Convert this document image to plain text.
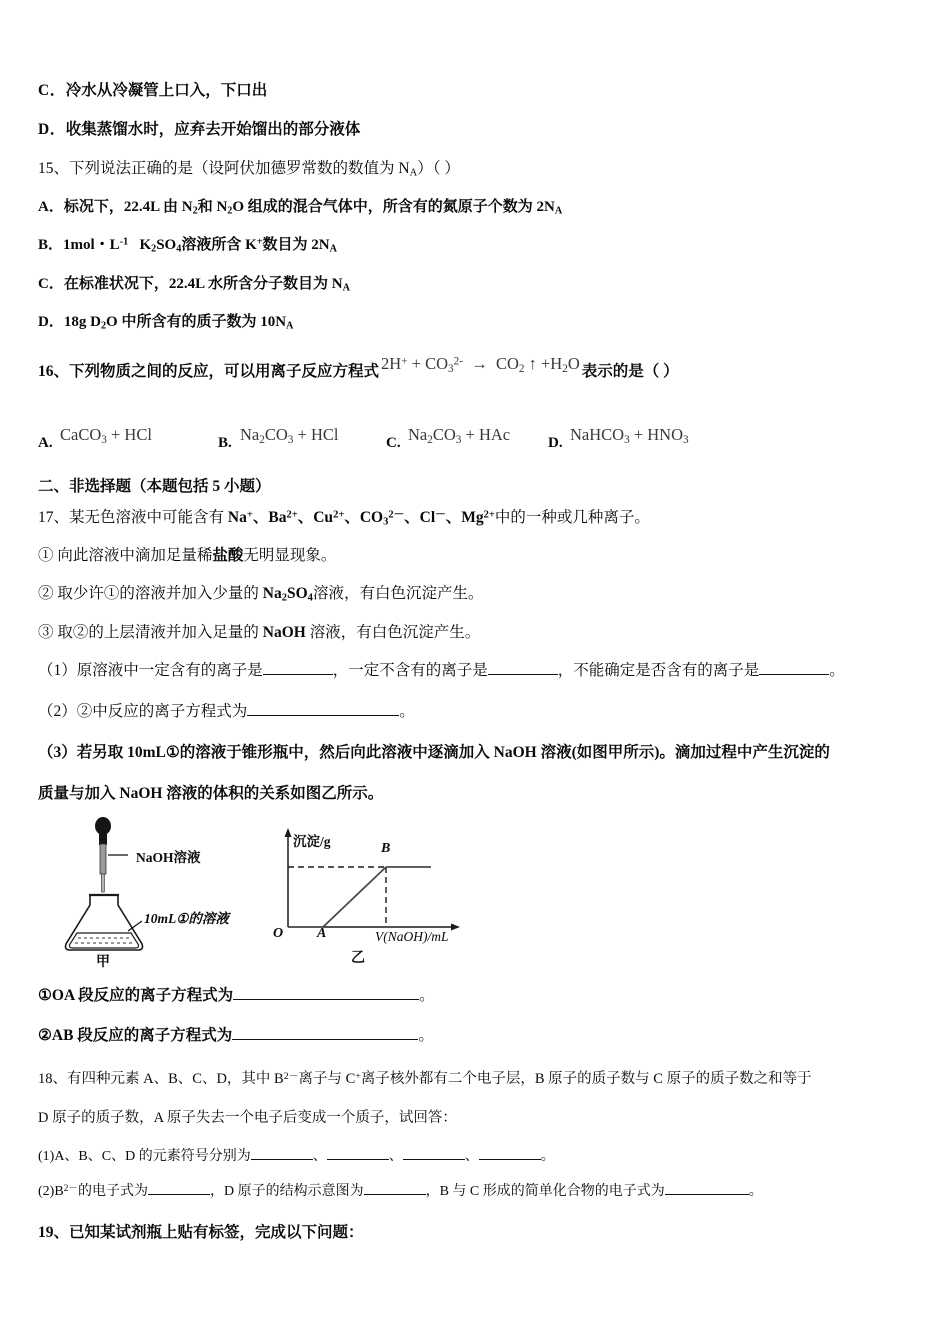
C．冷水从冷凝管上口入，下口出
D．收集蒸馏水时，应弃去开始馏出的部分液体
15、下列说法正确的是（设阿伏加德罗常数的数值为 $N_A$）（ ）
A．标况下，22.4L 由 $N_2$和 $N_2O$ 组成的混合气体中，所含有的氮原子个数为 $2N_A$
B．1mol・$L^{-1}$   $K_2SO_4$溶液所含 K+数目为 $2N_A$
C．在标准状况下，22.4L 水所含分子数目为 $N_A$
D．18g $D_2O$ 中所含有的质子数为 $10N_A$
16、下列物质之间的反应，可以用离子反应方程式 $2H^+ + CO_3^{2-} \to CO_2$ ↑ $+H_2O$ 表示的是（ ）
A. CaCO$_3$ + HCl	B. $Na_2CO_3$ + HCl	C. $Na_2CO_3$ + HAc	D. NaHCO$_3$ + $HNO_3$
二、非选择题（本题包括 5 小题）
17、某无色溶液中可能含有 Na+、$Ba^{2+}$、$Cu^{2+}$、$CO_3^{2-}$、Cl－、$Mg^{2+}$中的一种或几种离子。
① 向此溶液中滴加足量稀盐酸无明显现象。
② 取少许①的溶液并加入少量的 $Na_2SO_4$溶液，有白色沉淀产生。
③ 取②的上层清液并加入足量的 NaOH 溶液，有白色沉淀产生。
（1）原溶液中一定含有的离子是	，一定不含有的离子是	，不能确定是否含有的离子是	。
（2）②中反应的离子方程式为	。
（3）若另取 10mL①的溶液于锥形瓶中，然后向此溶液中逐滴加入 NaOH 溶液(如图甲所示)。滴加过程中产生沉淀的
质量与加入 NaOH 溶液的体积的关系如图乙所示。
NaOH溶液
10mL①的溶液
甲
沉淀/g
V(NaOH)/mL
O A
B
乙
①OA 段反应的离子方程式为	。
②AB 段反应的离子方程式为	。
18、有四种元素 A、B、C、D，其中 $B^{2-}$离子与 C+离子核外都有二个电子层，B 原子的质子数与 C 原子的质子数之和等于
D 原子的质子数，A 原子失去一个电子后变成一个质子，试回答：
(1)A、B、C、D 的元素符号分别为	、	、	、	。
$(2)B^{2-}$的电子式为	，D 原子的结构示意图为	，B 与 C 形成的简单化合物的电子式为	。
19、已知某试剂瓶上贴有标签，完成以下问题：
